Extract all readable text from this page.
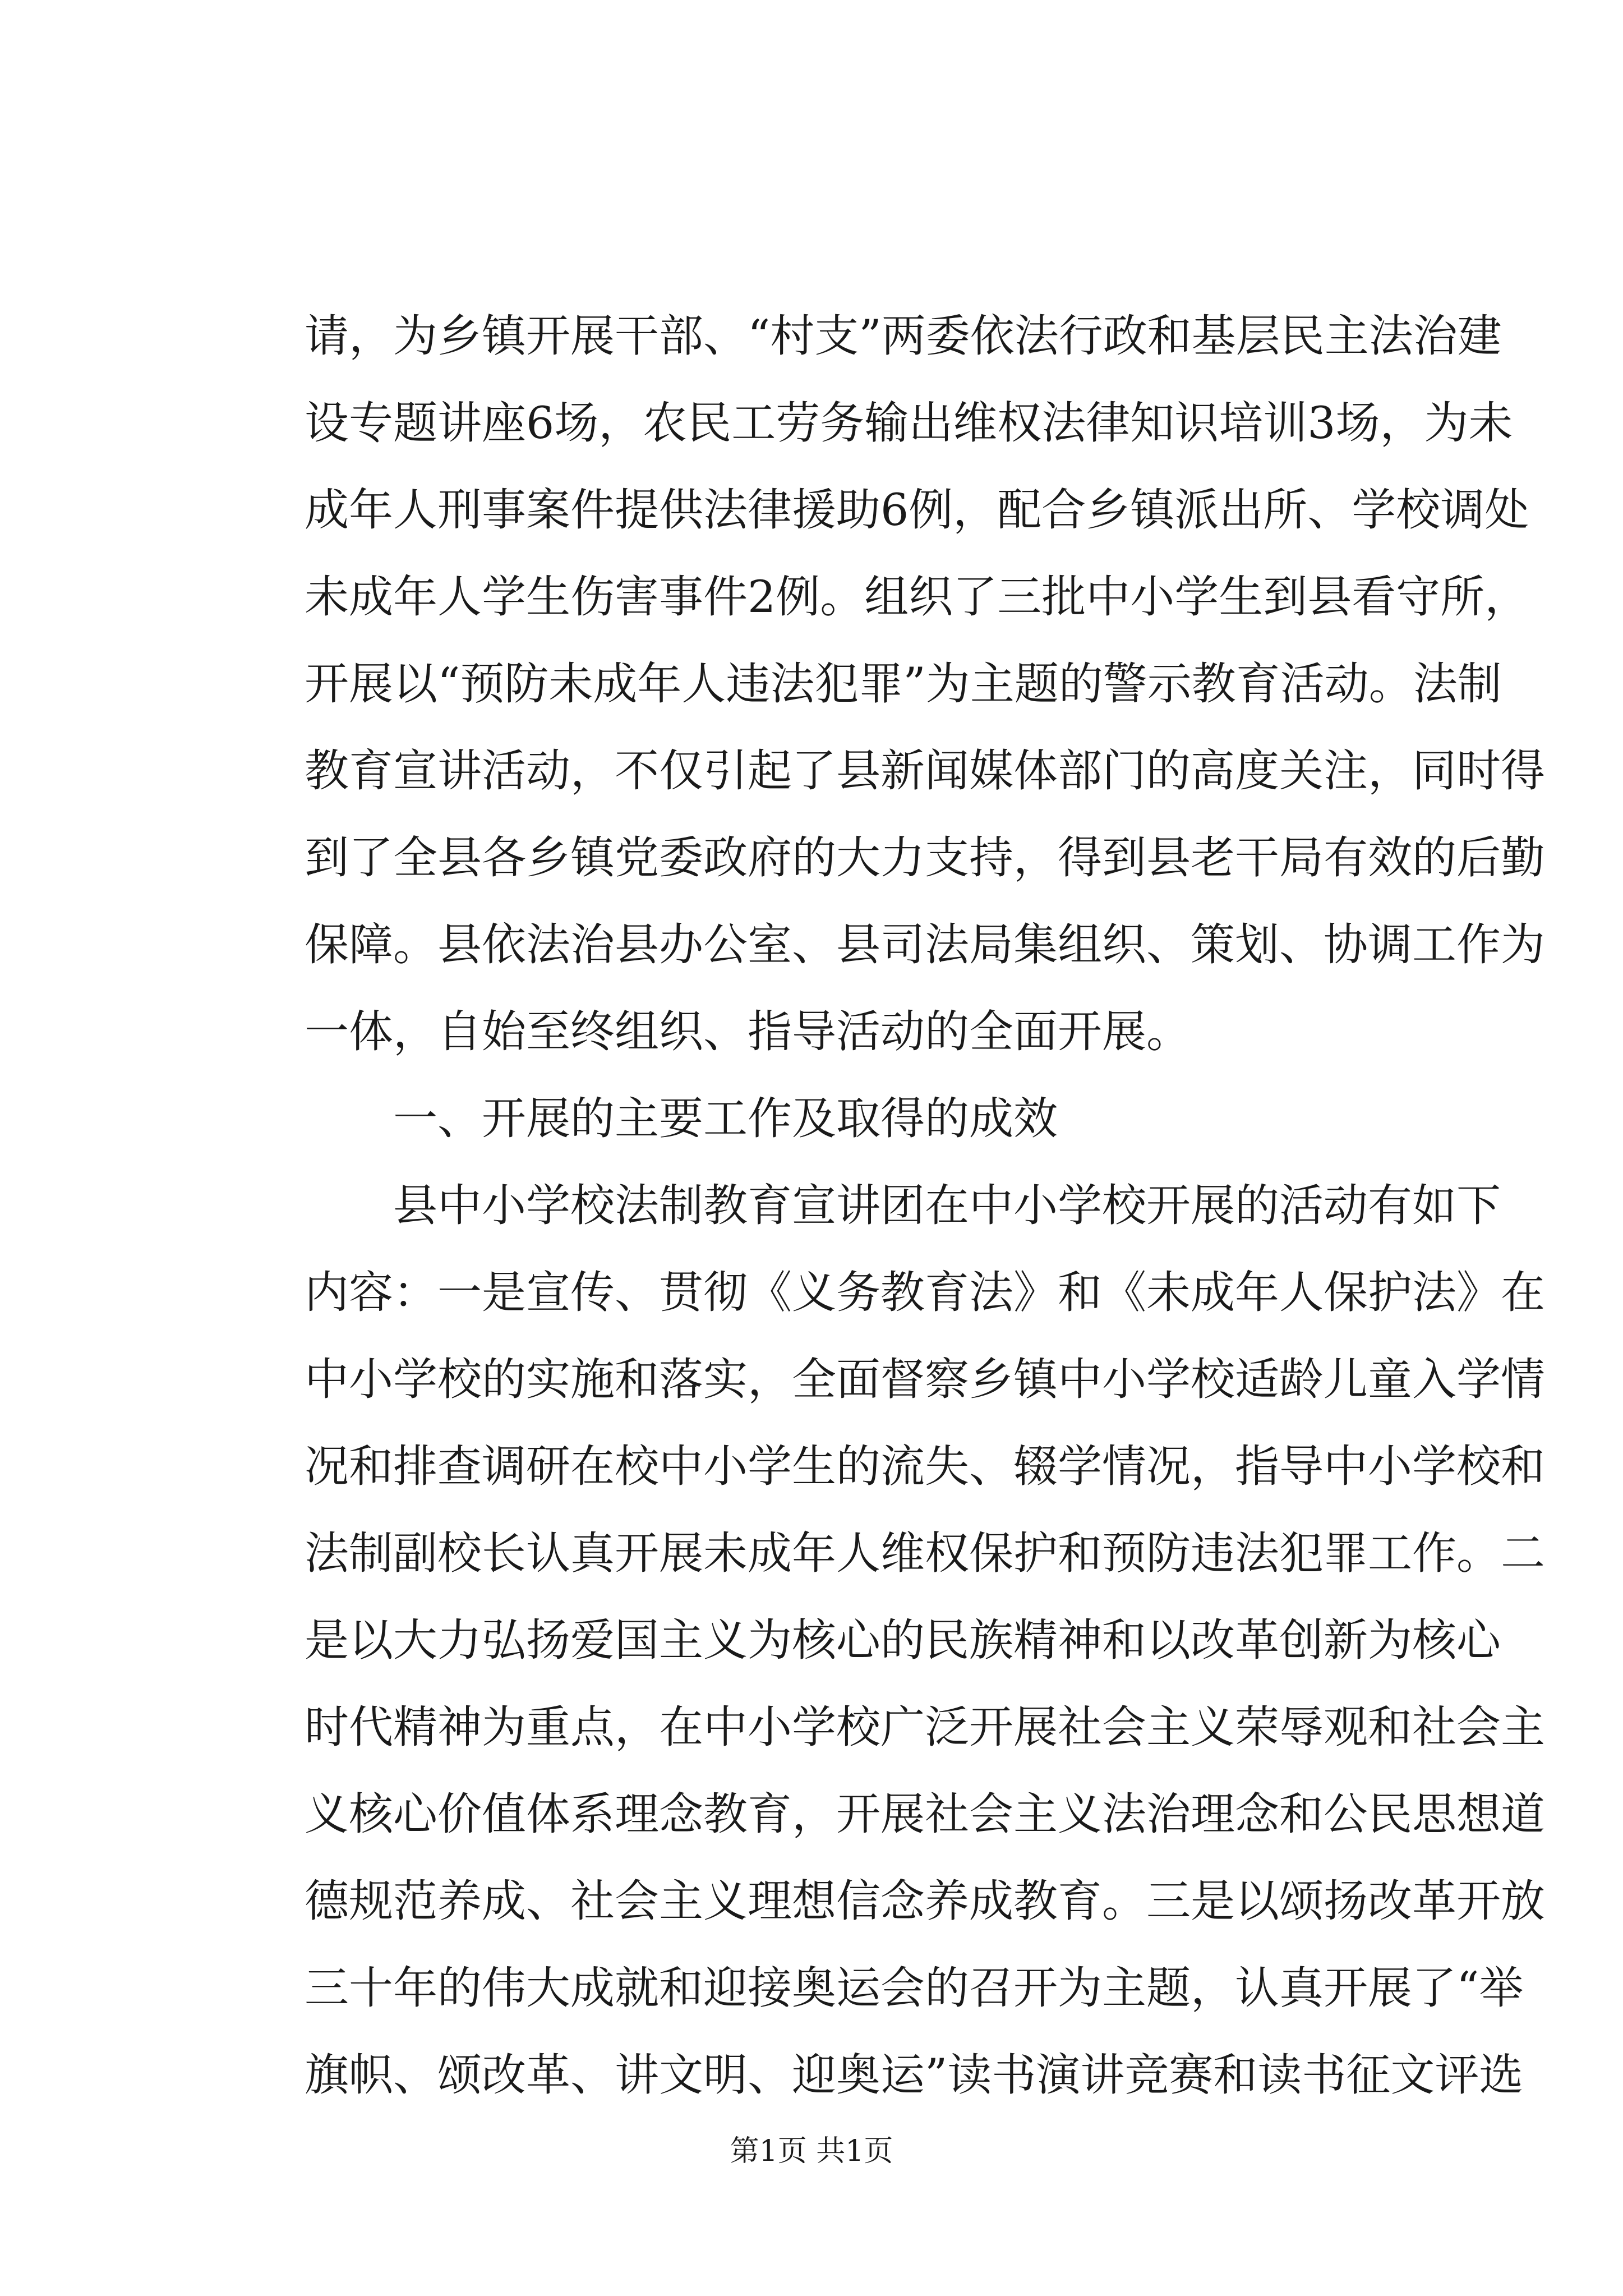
请，为乡镇开展干部、“村支”两委依法行政和基层民主法治建
设专题讲座6场，农民工劳务输出维权法律知识培训3场，为未
成年人刑事案件提供法律援助6例，配合乡镇派出所、学校调处
未成年人学生伤害事件2例。组织了三批中小学生到县看守所，
开展以“预防未成年人违法犯罪”为主题的警示教育活动。法制
教育宣讲活动，不仅引起了县新闻媒体部门的高度关注，同时得
到了全县各乡镇党委政府的大力支持，得到县老干局有效的后勤
保障。县依法治县办公室、县司法局集组织、策划、协调工作为
一体，自始至终组织、指导活动的全面开展。
一、开展的主要工作及取得的成效
县中小学校法制教育宣讲团在中小学校开展的活动有如下
内容：一是宣传、贯彻《义务教育法》和《未成年人保护法》在
中小学校的实施和落实，全面督察乡镇中小学校适龄儿童入学情
况和排查调研在校中小学生的流失、辍学情况，指导中小学校和
法制副校长认真开展未成年人维权保护和预防违法犯罪工作。二
是以大力弘扬爱国主义为核心的民族精神和以改革创新为核心
时代精神为重点，在中小学校广泛开展社会主义荣辱观和社会主
义核心价值体系理念教育，开展社会主义法治理念和公民思想道
德规范养成、社会主义理想信念养成教育。三是以颂扬改革开放
三十年的伟大成就和迎接奥运会的召开为主题，认真开展了“举
旗帜、颂改革、讲文明、迎奥运”读书演讲竞赛和读书征文评选
第1页 共1页
